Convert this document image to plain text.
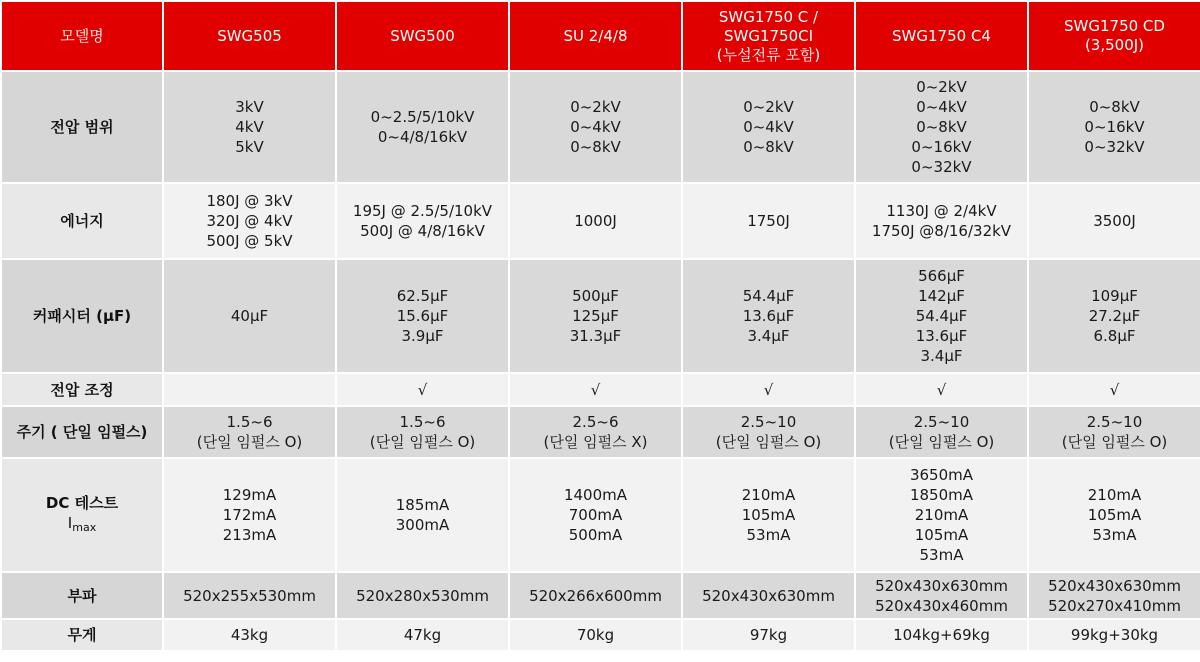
모델명	SWG505	SWG500	SU 2/4/8	SWG1750 C /
SWG1750CI
(누설전류 포함)	SWG1750 C4	SWG1750 CD
(3,500J)

전압 범위	3kV
4kV
5kV	0~2.5/5/10kV
0~4/8/16kV	0~2kV
0~4kV
0~8kV	0~2kV
0~4kV
0~8kV	0~2kV
0~4kV
0~8kV
0~16kV
0~32kV	0~8kV
0~16kV
0~32kV

에너지	180J @ 3kV
320J @ 4kV
500J @ 5kV	195J @ 2.5/5/10kV
500J @ 4/8/16kV	1000J	1750J	1130J @ 2/4kV
1750J @8/16/32kV	3500J

커패시터 (μF)	40μF	62.5μF
15.6μF
3.9μF	500μF
125μF
31.3μF	54.4μF
13.6μF
3.4μF	566μF
142μF
54.4μF
13.6μF
3.4μF	109μF
27.2μF
6.8μF

전압 조정		√	√	√	√	√

주기 ( 단일 임펄스)	1.5~6
(단일 임펄스 O)	1.5~6
(단일 임펄스 O)	2.5~6
(단일 임펄스 X)	2.5~10
(단일 임펄스 O)	2.5~10
(단일 임펄스 O)	2.5~10
(단일 임펄스 O)

DC 테스트
$I_{max}$	129mA
172mA
213mA	185mA
300mA	1400mA
700mA
500mA	210mA
105mA
53mA	3650mA
1850mA
210mA
105mA
53mA	210mA
105mA
53mA

부파	520x255x530mm	520x280x530mm	520x266x600mm	520x430x630mm	520x430x630mm
520x430x460mm	520x430x630mm
520x270x410mm

무게	43kg	47kg	70kg	97kg	104kg+69kg	99kg+30kg
